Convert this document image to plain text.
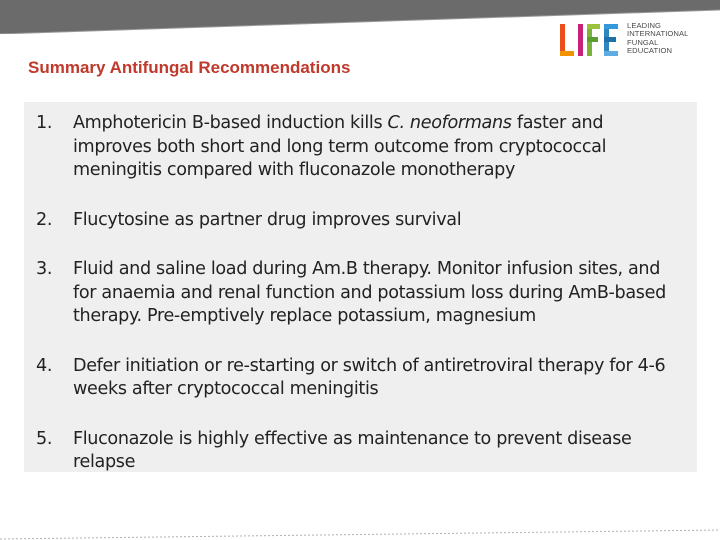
LEADING
INTERNATIONAL
FUNGAL
EDUCATION
Summary Antifungal Recommendations
1. Amphotericin B-based induction kills C. neoformans faster and improves both short and long term outcome from cryptococcal meningitis compared with fluconazole monotherapy
2. Flucytosine as partner drug improves survival
3. Fluid and saline load during Am.B therapy. Monitor infusion sites, and for anaemia and renal function and potassium loss during AmB-based therapy. Pre-emptively replace potassium, magnesium
4. Defer initiation or re-starting or switch of antiretroviral therapy for 4-6 weeks after cryptococcal meningitis
5. Fluconazole is highly effective as maintenance to prevent disease relapse
